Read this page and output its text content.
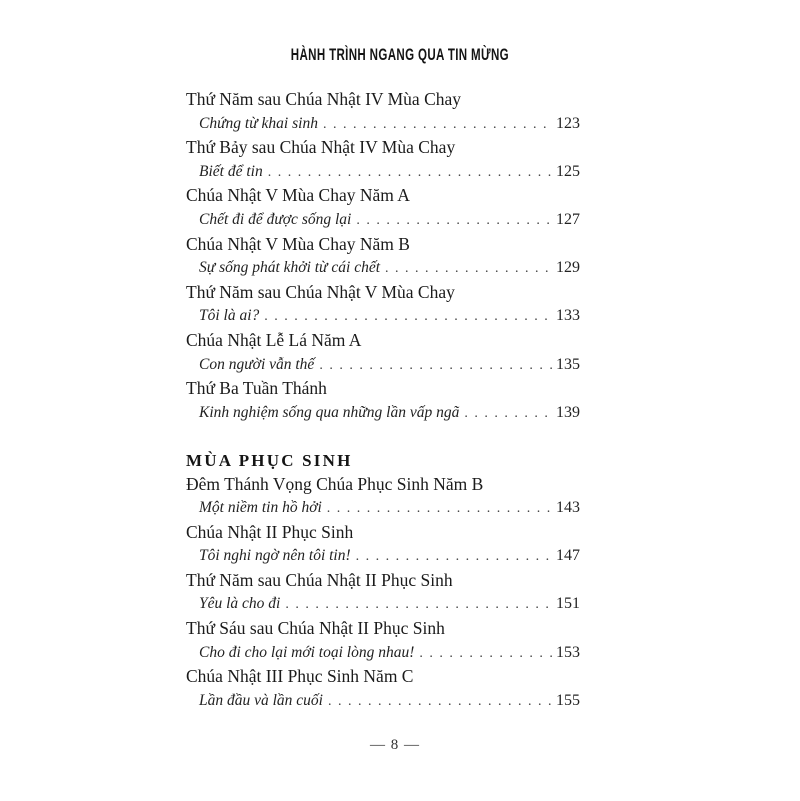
HÀNH TRÌNH NGANG QUA TIN MỪNG
Thứ Năm sau Chúa Nhật IV Mùa Chay
Chứng từ khai sinh . . .	123
Thứ Bảy sau Chúa Nhật IV Mùa Chay
Biết để tin . . .	125
Chúa Nhật V Mùa Chay Năm A
Chết đi để được sống lại . . .	127
Chúa Nhật V Mùa Chay Năm B
Sự sống phát khởi từ cái chết . . .	129
Thứ Năm sau Chúa Nhật V Mùa Chay
Tôi là ai? . . .	133
Chúa Nhật Lễ Lá Năm A
Con người vẫn thế . . .	135
Thứ Ba Tuần Thánh
Kinh nghiệm sống qua những lần vấp ngã . . .	139
MÙA PHỤC SINH
Đêm Thánh Vọng Chúa Phục Sinh Năm B
Một niềm tin hồ hởi . . .	143
Chúa Nhật II Phục Sinh
Tôi nghi ngờ nên tôi tin! . . .	147
Thứ Năm sau Chúa Nhật II Phục Sinh
Yêu là cho đi . . .	151
Thứ Sáu sau Chúa Nhật II Phục Sinh
Cho đi cho lại mới toại lòng nhau! . . .	153
Chúa Nhật III Phục Sinh Năm C
Lần đầu và lần cuối . . .	155
— 8 —
